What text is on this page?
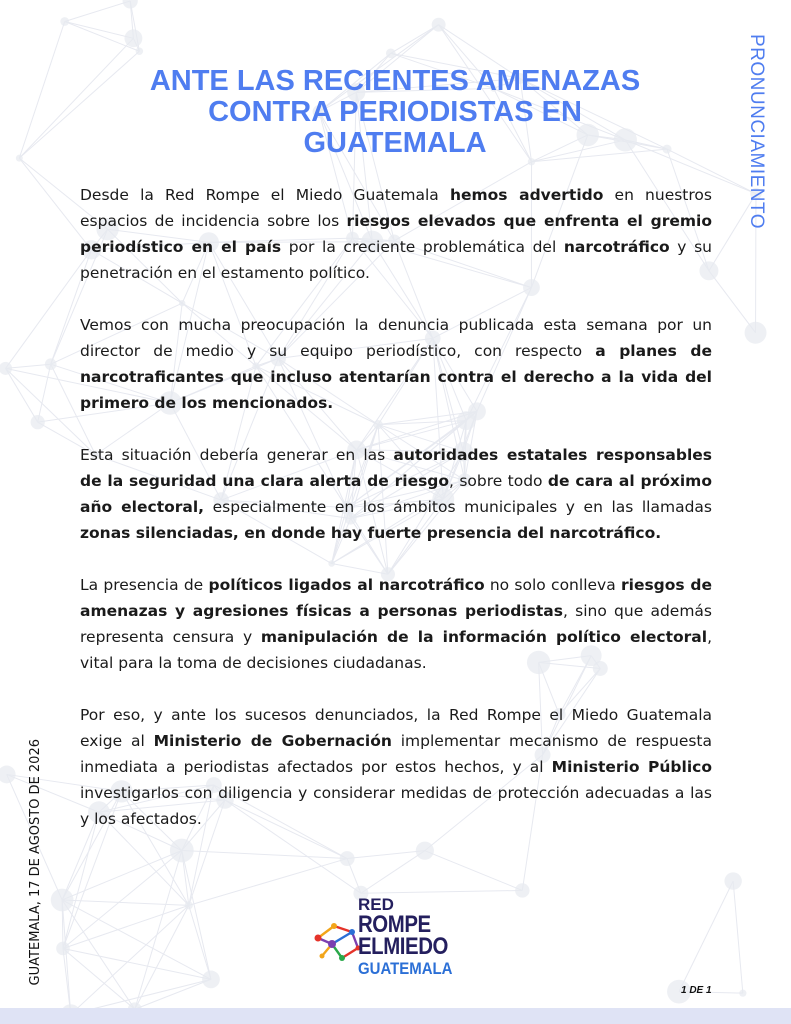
ANTE LAS RECIENTES AMENAZAS
CONTRA PERIODISTAS EN
GUATEMALA	PRONUNCIAMIENTO
GUATEMALA, 17 DE AGOSTO DE 2026

Desde la Red Rompe el Miedo Guatemala hemos advertido en nuestros espacios de incidencia sobre los riesgos elevados que enfrenta el gremio periodístico en el país por la creciente problemática del narcotráfico y su penetración en el estamento político.

Vemos con mucha preocupación la denuncia publicada esta semana por un director de medio y su equipo periodístico, con respecto a planes de narcotraficantes que incluso atentarían contra el derecho a la vida del primero de los mencionados.

Esta situación debería generar en las autoridades estatales responsables de la seguridad una clara alerta de riesgo, sobre todo de cara al próximo año electoral, especialmente en los ámbitos municipales y en las llamadas zonas silenciadas, en donde hay fuerte presencia del narcotráfico.

La presencia de políticos ligados al narcotráfico no solo conlleva riesgos de amenazas y agresiones físicas a personas periodistas, sino que además representa censura y manipulación de la información político electoral, vital para la toma de decisiones ciudadanas.

Por eso, y ante los sucesos denunciados, la Red Rompe el Miedo Guatemala exige al Ministerio de Gobernación implementar mecanismo de respuesta inmediata a periodistas afectados por estos hechos, y al Ministerio Público investigarlos con diligencia y considerar medidas de protección adecuadas a las y los afectados.

RED
ROMPE
ELMIEDO
GUATEMALA
1 DE 1
